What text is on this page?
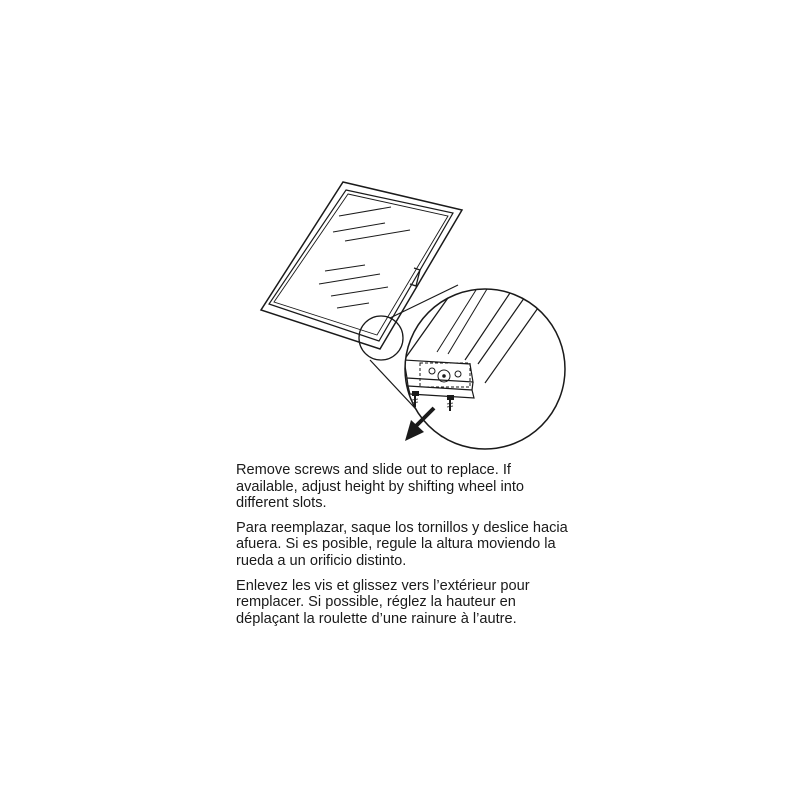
Remove screws and slide out to replace. If available, adjust height by shifting wheel into different slots.

Para reemplazar, saque los tornillos y deslice hacia afuera. Si es posible, regule la altura moviendo la rueda a un orificio distinto.

Enlevez les vis et glissez vers l’extérieur pour remplacer. Si possible, réglez la hauteur en déplaçant la roulette d’une rainure à l’autre.
